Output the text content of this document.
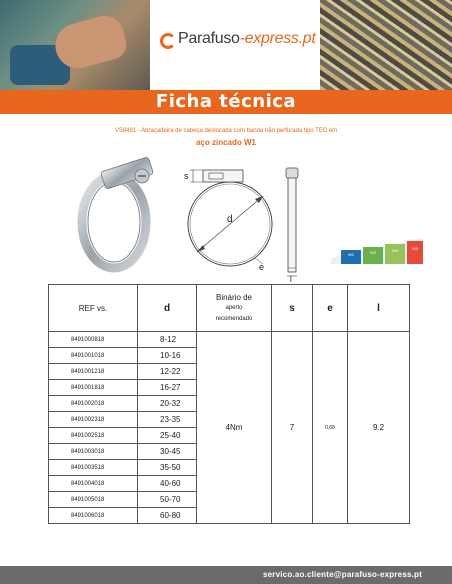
Parafuso-express.pt
Ficha técnica
VS8491 - Abraçadeira de cabeça deslocada com banda não perfurada tipo TEC em
aço zincado W1
s
d
e
l
W1	W2	W4	W5
REF vs.	d	Binário de
aperto
recomendado	s	e	l
8491000818	8-12	4Nm	7	0,68	9.2
8491001018	10-16				
8491001218	12-22				
8491001818	16-27				
8491002018	20-32				
8491002318	23-35				
8491002518	25-40				
8491003018	30-45				
8491003518	35-50				
8491004018	40-60				
8491005018	50-70				
8491006018	60-80				
servico.ao.cliente@parafuso-express.pt
